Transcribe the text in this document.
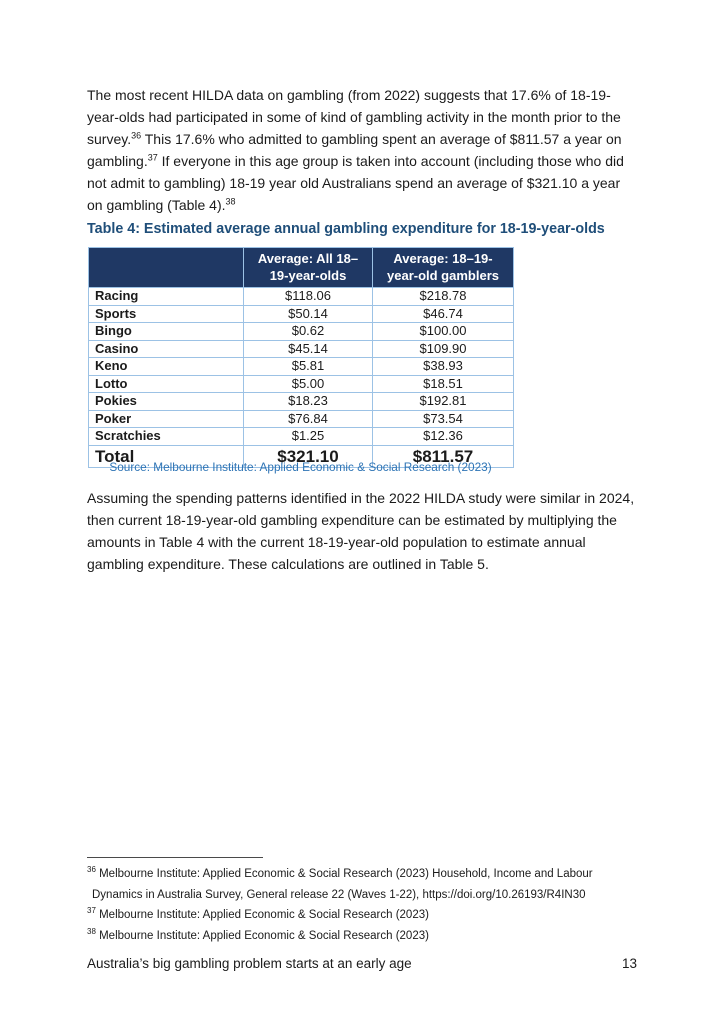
The most recent HILDA data on gambling (from 2022) suggests that 17.6% of 18-19-year-olds had participated in some of kind of gambling activity in the month prior to the survey.$^{36}$ This 17.6% who admitted to gambling spent an average of $811.57 a year on gambling.$^{37}$ If everyone in this age group is taken into account (including those who did not admit to gambling) 18-19 year old Australians spend an average of $321.10 a year on gambling (Table 4).$^{38}$

Table 4: Estimated average annual gambling expenditure for 18-19-year-olds
	Average: All 18–19-year-olds	Average: 18–19-year-old gamblers
Racing	$118.06	$218.78
Sports	$50.14	$46.74
Bingo	$0.62	$100.00
Casino	$45.14	$109.90
Keno	$5.81	$38.93
Lotto	$5.00	$18.51
Pokies	$18.23	$192.81
Poker	$76.84	$73.54
Scratchies	$1.25	$12.36
Total	$321.10	$811.57
Source: Melbourne Institute: Applied Economic & Social Research (2023)

Assuming the spending patterns identified in the 2022 HILDA study were similar in 2024, then current 18-19-year-old gambling expenditure can be estimated by multiplying the amounts in Table 4 with the current 18-19-year-old population to estimate annual gambling expenditure. These calculations are outlined in Table 5.

$^{36}$ Melbourne Institute: Applied Economic & Social Research (2023) Household, Income and Labour Dynamics in Australia Survey, General release 22 (Waves 1-22), https://doi.org/10.26193/R4IN30
$^{37}$ Melbourne Institute: Applied Economic & Social Research (2023)
$^{38}$ Melbourne Institute: Applied Economic & Social Research (2023)
Australia’s big gambling problem starts at an early age	13
